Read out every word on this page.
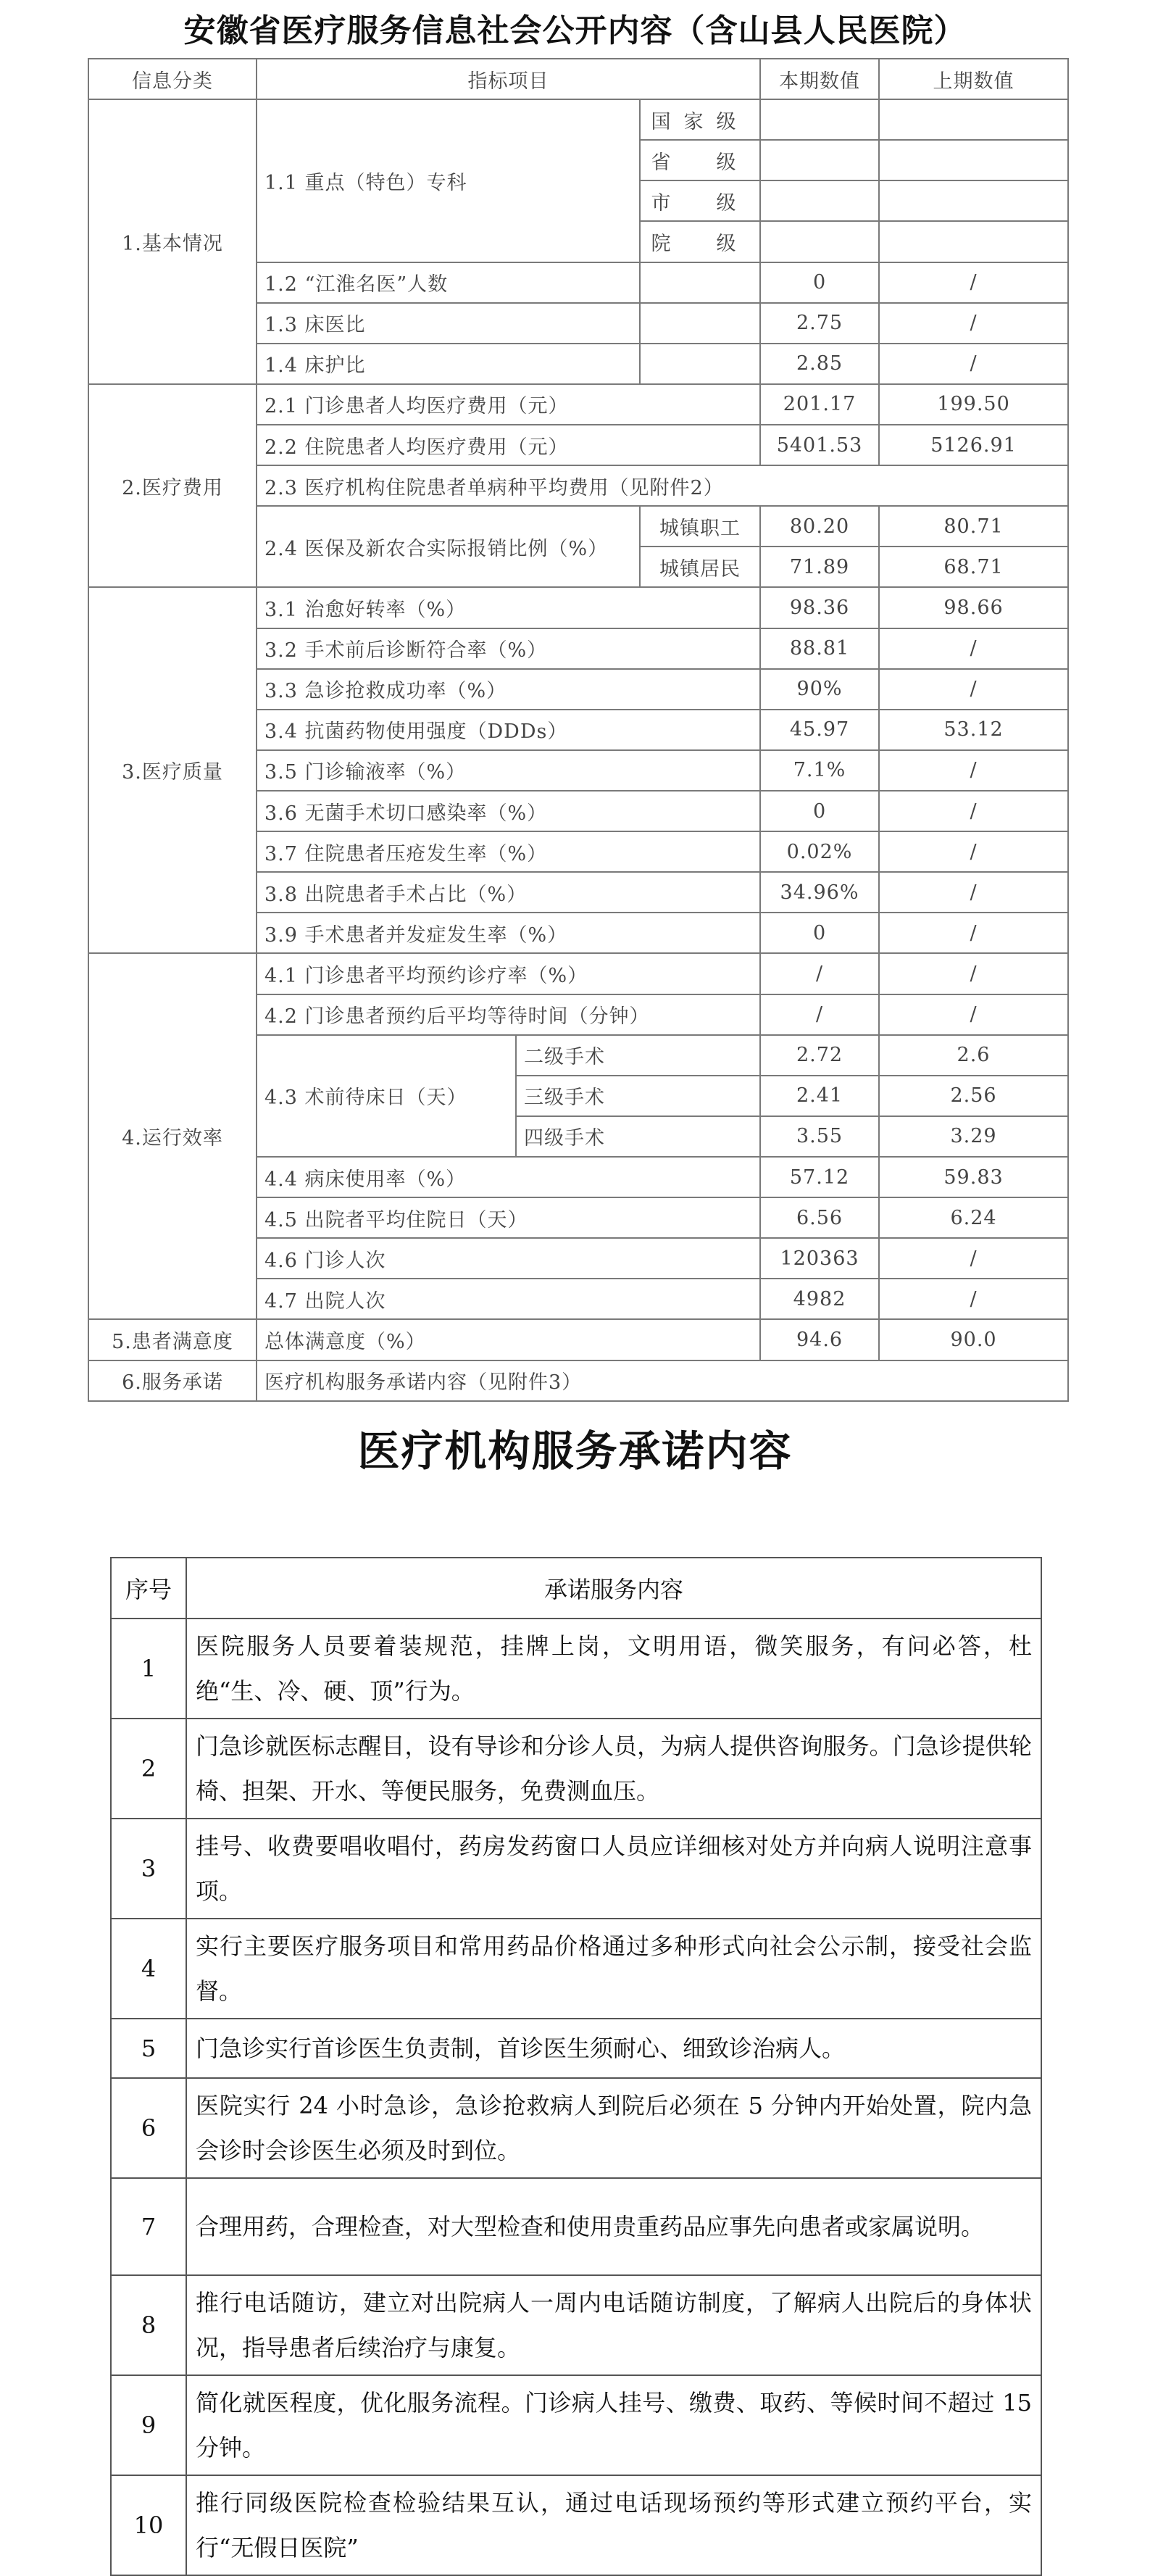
安徽省医疗服务信息社会公开内容（含山县人民医院）
信息分类	指标项目			本期数值	上期数值
1.基本情况	1.1 重点（特色）专科		国家级		
			省　级		
			市　级		
			院　级		
	1.2 “江淮名医”人数			0	/
	1.3 床医比			2.75	/
	1.4 床护比			2.85	/
2.医疗费用	2.1 门诊患者人均医疗费用（元）			201.17	199.50
	2.2 住院患者人均医疗费用（元）			5401.53	5126.91
	2.3 医疗机构住院患者单病种平均费用（见附件2）				
	2.4 医保及新农合实际报销比例（%）		城镇职工	80.20	80.71
			城镇居民	71.89	68.71
3.医疗质量	3.1 治愈好转率（%）			98.36	98.66
	3.2 手术前后诊断符合率（%）			88.81	/
	3.3 急诊抢救成功率（%）			90%	/
	3.4 抗菌药物使用强度（DDDs）			45.97	53.12
	3.5 门诊输液率（%）			7.1%	/
	3.6 无菌手术切口感染率（%）			0	/
	3.7 住院患者压疮发生率（%）			0.02%	/
	3.8 出院患者手术占比（%）			34.96%	/
	3.9 手术患者并发症发生率（%）			0	/
4.运行效率	4.1 门诊患者平均预约诊疗率（%）			/	/
	4.2 门诊患者预约后平均等待时间（分钟）			/	/
	4.3 术前待床日（天）	二级手术		2.72	2.6
		三级手术		2.41	2.56
		四级手术		3.55	3.29
	4.4 病床使用率（%）			57.12	59.83
	4.5 出院者平均住院日（天）			6.56	6.24
	4.6 门诊人次			120363	/
	4.7 出院人次			4982	/
5.患者满意度	总体满意度（%）			94.6	90.0
6.服务承诺	医疗机构服务承诺内容（见附件3）				
医疗机构服务承诺内容
序号	承诺服务内容
1	医院服务人员要着装规范，挂牌上岗，文明用语，微笑服务，有问必答，杜绝“生、冷、硬、顶”行为。
2	门急诊就医标志醒目，设有导诊和分诊人员，为病人提供咨询服务。门急诊提供轮椅、担架、开水、等便民服务，免费测血压。
3	挂号、收费要唱收唱付，药房发药窗口人员应详细核对处方并向病人说明注意事项。
4	实行主要医疗服务项目和常用药品价格通过多种形式向社会公示制，接受社会监督。
5	门急诊实行首诊医生负责制，首诊医生须耐心、细致诊治病人。
6	医院实行 24 小时急诊，急诊抢救病人到院后必须在 5 分钟内开始处置，院内急会诊时会诊医生必须及时到位。
7	合理用药，合理检查，对大型检查和使用贵重药品应事先向患者或家属说明。
8	推行电话随访，建立对出院病人一周内电话随访制度，了解病人出院后的身体状况，指导患者后续治疗与康复。
9	简化就医程度，优化服务流程。门诊病人挂号、缴费、取药、等候时间不超过 15 分钟。
10	推行同级医院检查检验结果互认，通过电话现场预约等形式建立预约平台，实行“无假日医院”
